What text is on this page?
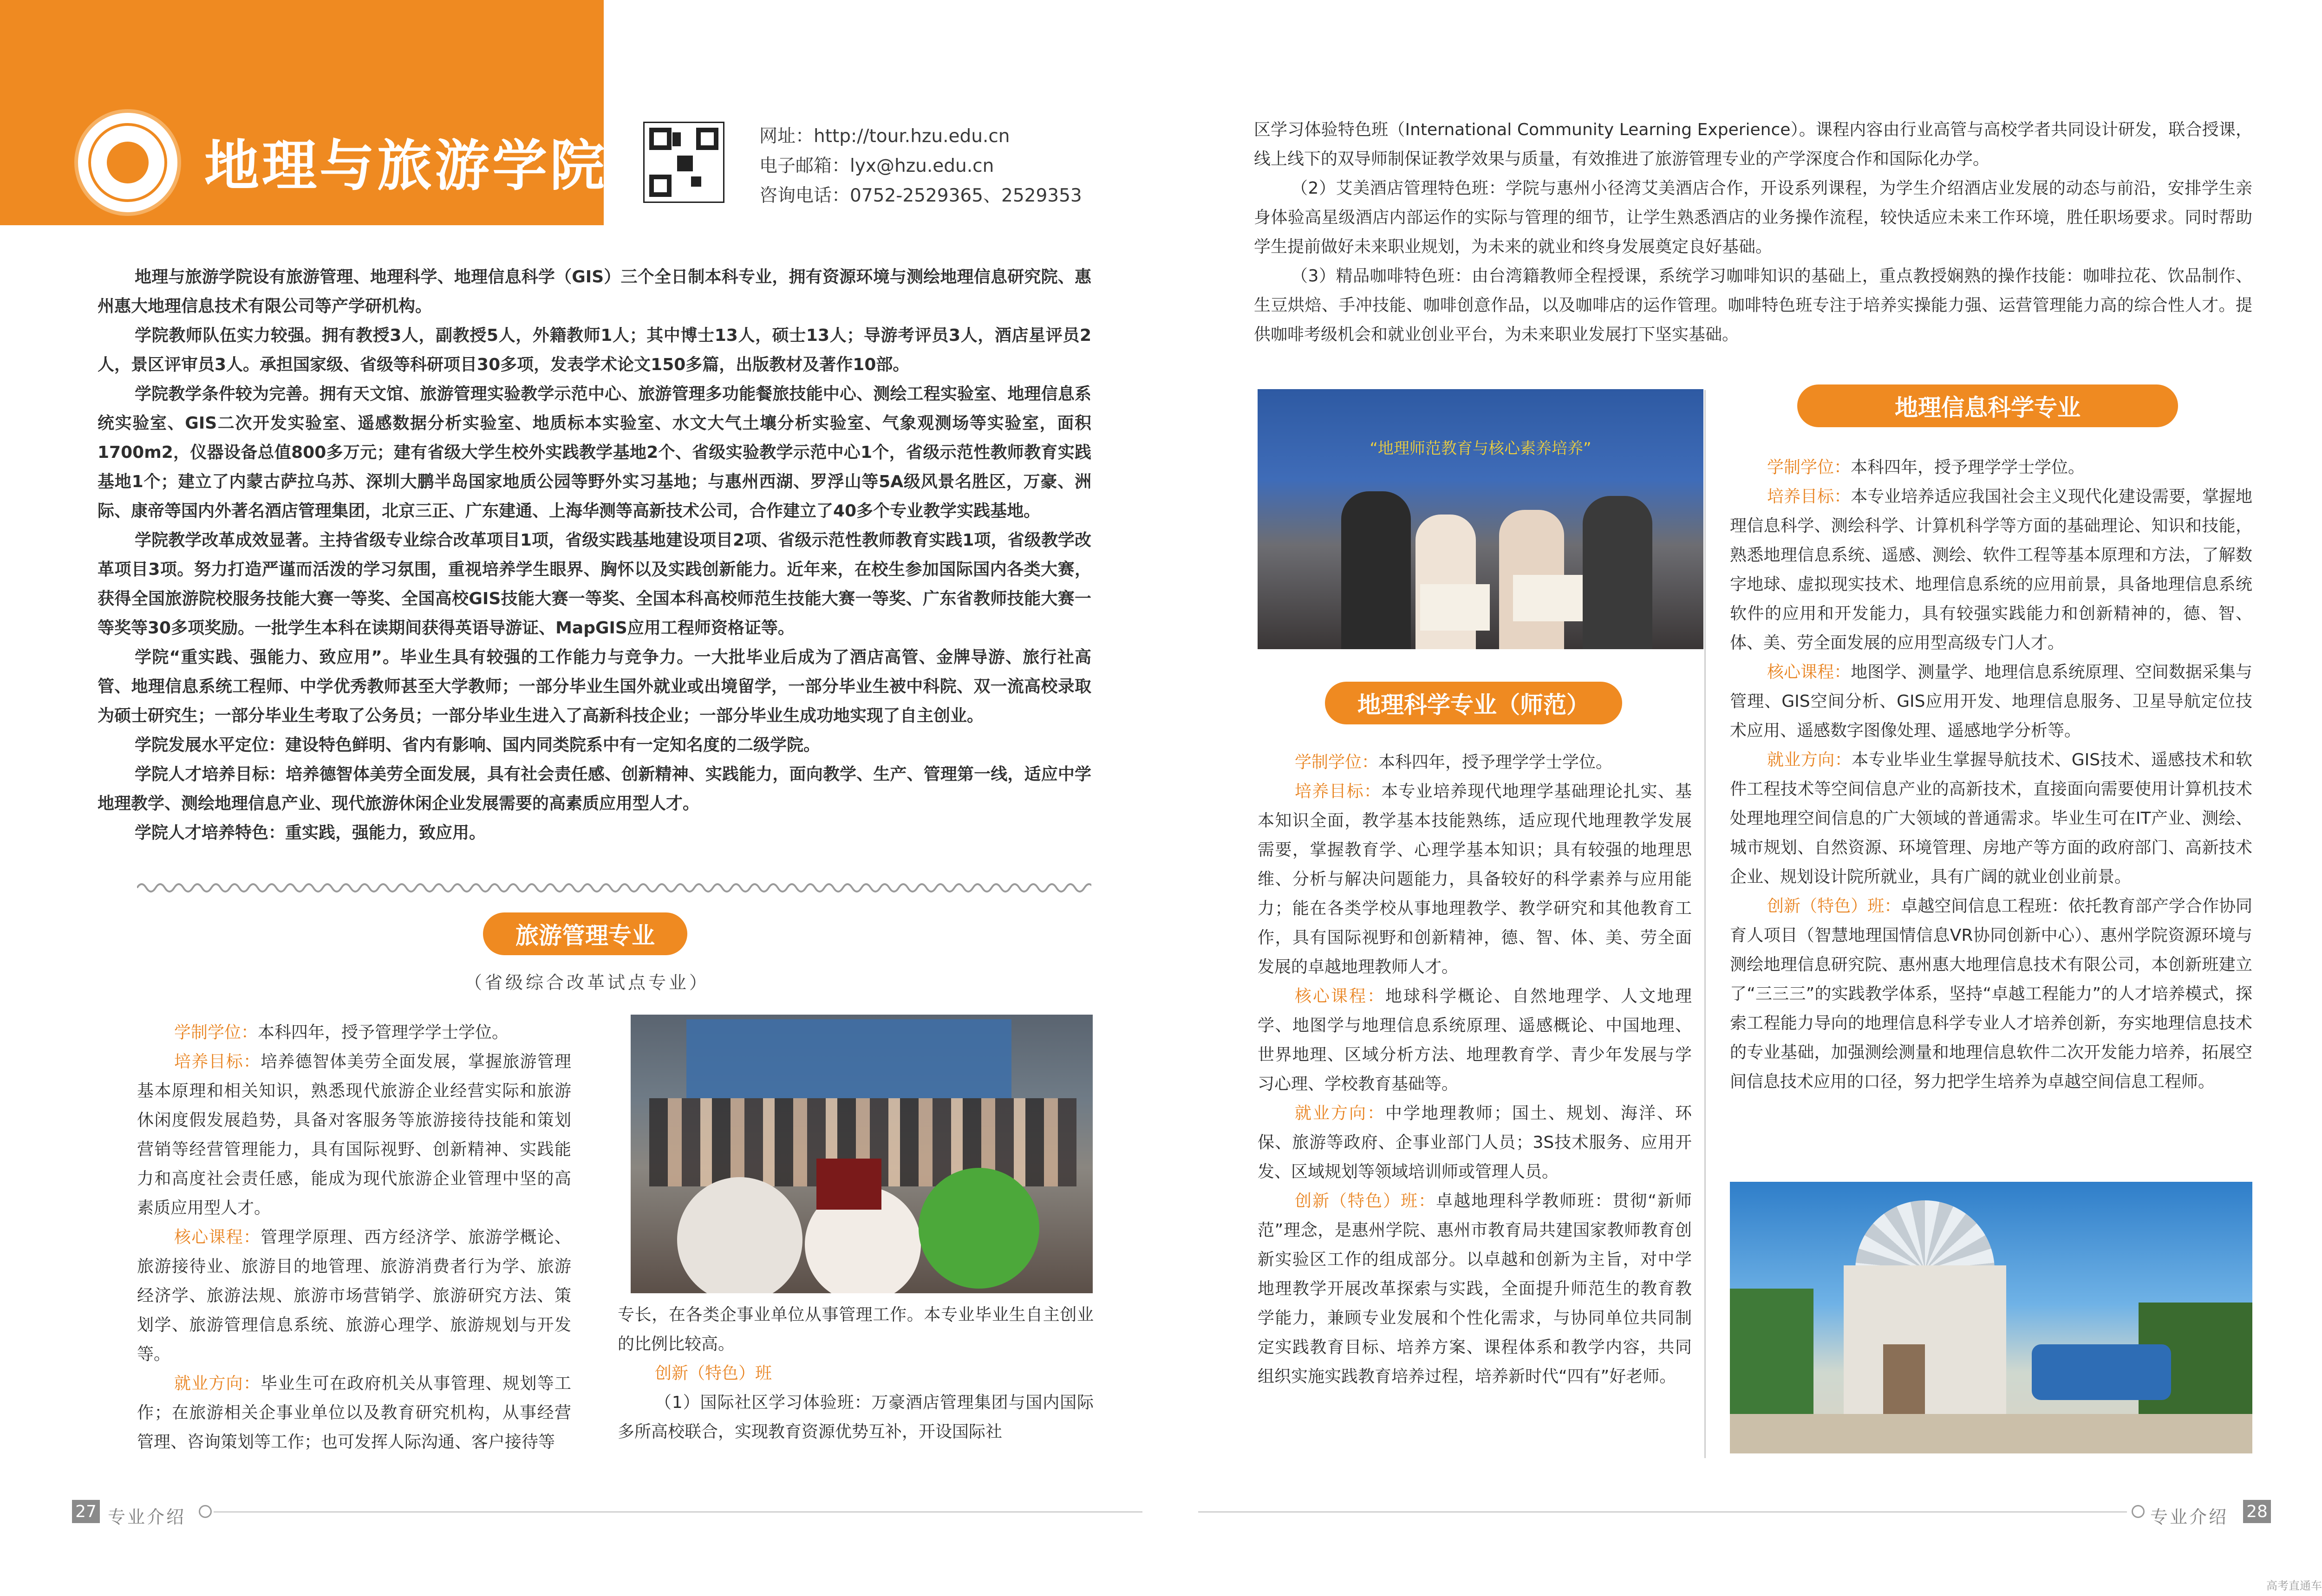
地理与旅游学院	网址：http://tour.hzu.edu.cn
电子邮箱：lyx@hzu.edu.cn
咨询电话：0752-2529365、2529353
地理与旅游学院设有旅游管理、地理科学、地理信息科学（GIS）三个全日制本科专业，拥有资源环境与测绘地理信息研究院、惠州惠大地理信息技术有限公司等产学研机构。
学院教师队伍实力较强。拥有教授3人，副教授5人，外籍教师1人；其中博士13人，硕士13人；导游考评员3人，酒店星评员2人，景区评审员3人。承担国家级、省级等科研项目30多项，发表学术论文150多篇，出版教材及著作10部。
学院教学条件较为完善。拥有天文馆、旅游管理实验教学示范中心、旅游管理多功能餐旅技能中心、测绘工程实验室、地理信息系统实验室、GIS二次开发实验室、遥感数据分析实验室、地质标本实验室、水文大气土壤分析实验室、气象观测场等实验室，面积1700m2，仪器设备总值800多万元；建有省级大学生校外实践教学基地2个、省级实验教学示范中心1个，省级示范性教师教育实践基地1个；建立了内蒙古萨拉乌苏、深圳大鹏半岛国家地质公园等野外实习基地；与惠州西湖、罗浮山等5A级风景名胜区，万豪、洲际、康帝等国内外著名酒店管理集团，北京三正、广东建通、上海华测等高新技术公司，合作建立了40多个专业教学实践基地。
学院教学改革成效显著。主持省级专业综合改革项目1项，省级实践基地建设项目2项、省级示范性教师教育实践1项，省级教学改革项目3项。努力打造严谨而活泼的学习氛围，重视培养学生眼界、胸怀以及实践创新能力。近年来，在校生参加国际国内各类大赛，获得全国旅游院校服务技能大赛一等奖、全国高校GIS技能大赛一等奖、全国本科高校师范生技能大赛一等奖、广东省教师技能大赛一等奖等30多项奖励。一批学生本科在读期间获得英语导游证、MapGIS应用工程师资格证等。
学院“重实践、强能力、致应用”。毕业生具有较强的工作能力与竞争力。一大批毕业后成为了酒店高管、金牌导游、旅行社高管、地理信息系统工程师、中学优秀教师甚至大学教师；一部分毕业生国外就业或出境留学，一部分毕业生被中科院、双一流高校录取为硕士研究生；一部分毕业生考取了公务员；一部分毕业生进入了高新科技企业；一部分毕业生成功地实现了自主创业。
学院发展水平定位：建设特色鲜明、省内有影响、国内同类院系中有一定知名度的二级学院。
学院人才培养目标：培养德智体美劳全面发展，具有社会责任感、创新精神、实践能力，面向教学、生产、管理第一线，适应中学地理教学、测绘地理信息产业、现代旅游休闲企业发展需要的高素质应用型人才。
学院人才培养特色：重实践，强能力，致应用。
旅游管理专业
（省级综合改革试点专业）
学制学位：本科四年，授予管理学学士学位。
培养目标：培养德智体美劳全面发展，掌握旅游管理基本原理和相关知识，熟悉现代旅游企业经营实际和旅游休闲度假发展趋势，具备对客服务等旅游接待技能和策划营销等经营管理能力，具有国际视野、创新精神、实践能力和高度社会责任感，能成为现代旅游企业管理中坚的高素质应用型人才。
核心课程：管理学原理、西方经济学、旅游学概论、旅游接待业、旅游目的地管理、旅游消费者行为学、旅游经济学、旅游法规、旅游市场营销学、旅游研究方法、策划学、旅游管理信息系统、旅游心理学、旅游规划与开发等。
就业方向：毕业生可在政府机关从事管理、规划等工作；在旅游相关企事业单位以及教育研究机构，从事经营管理、咨询策划等工作；也可发挥人际沟通、客户接待等
专长，在各类企事业单位从事管理工作。本专业毕业生自主创业的比例比较高。
创新（特色）班
（1）国际社区学习体验班：万豪酒店管理集团与国内国际多所高校联合，实现教育资源优势互补，开设国际社
区学习体验特色班（International Community Learning Experience）。课程内容由行业高管与高校学者共同设计研发，联合授课，线上线下的双导师制保证教学效果与质量，有效推进了旅游管理专业的产学深度合作和国际化办学。
（2）艾美酒店管理特色班：学院与惠州小径湾艾美酒店合作，开设系列课程，为学生介绍酒店业发展的动态与前沿，安排学生亲身体验高星级酒店内部运作的实际与管理的细节，让学生熟悉酒店的业务操作流程，较快适应未来工作环境，胜任职场要求。同时帮助学生提前做好未来职业规划，为未来的就业和终身发展奠定良好基础。
（3）精品咖啡特色班：由台湾籍教师全程授课，系统学习咖啡知识的基础上，重点教授娴熟的操作技能：咖啡拉花、饮品制作、生豆烘焙、手冲技能、咖啡创意作品，以及咖啡店的运作管理。咖啡特色班专注于培养实操能力强、运营管理能力高的综合性人才。提供咖啡考级机会和就业创业平台，为未来职业发展打下坚实基础。
“地理师范教育与核心素养培养”
地理科学专业（师范）
学制学位：本科四年，授予理学学士学位。
培养目标：本专业培养现代地理学基础理论扎实、基本知识全面，教学基本技能熟练，适应现代地理教学发展需要，掌握教育学、心理学基本知识；具有较强的地理思维、分析与解决问题能力，具备较好的科学素养与应用能力；能在各类学校从事地理教学、教学研究和其他教育工作，具有国际视野和创新精神，德、智、体、美、劳全面发展的卓越地理教师人才。
核心课程：地球科学概论、自然地理学、人文地理学、地图学与地理信息系统原理、遥感概论、中国地理、世界地理、区域分析方法、地理教育学、青少年发展与学习心理、学校教育基础等。
就业方向：中学地理教师；国土、规划、海洋、环保、旅游等政府、企事业部门人员；3S技术服务、应用开发、区域规划等领域培训师或管理人员。
创新（特色）班：卓越地理科学教师班：贯彻“新师范”理念，是惠州学院、惠州市教育局共建国家教师教育创新实验区工作的组成部分。以卓越和创新为主旨，对中学地理教学开展改革探索与实践，全面提升师范生的教育教学能力，兼顾专业发展和个性化需求，与协同单位共同制定实践教育目标、培养方案、课程体系和教学内容，共同组织实施实践教育培养过程，培养新时代“四有”好老师。
地理信息科学专业
学制学位：本科四年，授予理学学士学位。
培养目标：本专业培养适应我国社会主义现代化建设需要，掌握地理信息科学、测绘科学、计算机科学等方面的基础理论、知识和技能，熟悉地理信息系统、遥感、测绘、软件工程等基本原理和方法，了解数字地球、虚拟现实技术、地理信息系统的应用前景，具备地理信息系统软件的应用和开发能力，具有较强实践能力和创新精神的，德、智、体、美、劳全面发展的应用型高级专门人才。
核心课程：地图学、测量学、地理信息系统原理、空间数据采集与管理、GIS空间分析、GIS应用开发、地理信息服务、卫星导航定位技术应用、遥感数字图像处理、遥感地学分析等。
就业方向：本专业毕业生掌握导航技术、GIS技术、遥感技术和软件工程技术等空间信息产业的高新技术，直接面向需要使用计算机技术处理地理空间信息的广大领域的普通需求。毕业生可在IT产业、测绘、城市规划、自然资源、环境管理、房地产等方面的政府部门、高新技术企业、规划设计院所就业，具有广阔的就业创业前景。
创新（特色）班：卓越空间信息工程班：依托教育部产学合作协同育人项目（智慧地理国情信息VR协同创新中心）、惠州学院资源环境与测绘地理信息研究院、惠州惠大地理信息技术有限公司，本创新班建立了“三三三”的实践教学体系，坚持“卓越工程能力”的人才培养模式，探索工程能力导向的地理信息科学专业人才培养创新，夯实地理信息技术的专业基础，加强测绘测量和地理信息软件二次开发能力培养，拓展空间信息技术应用的口径，努力把学生培养为卓越空间信息工程师。
27 专业介绍	专业介绍 28
高考直通车
